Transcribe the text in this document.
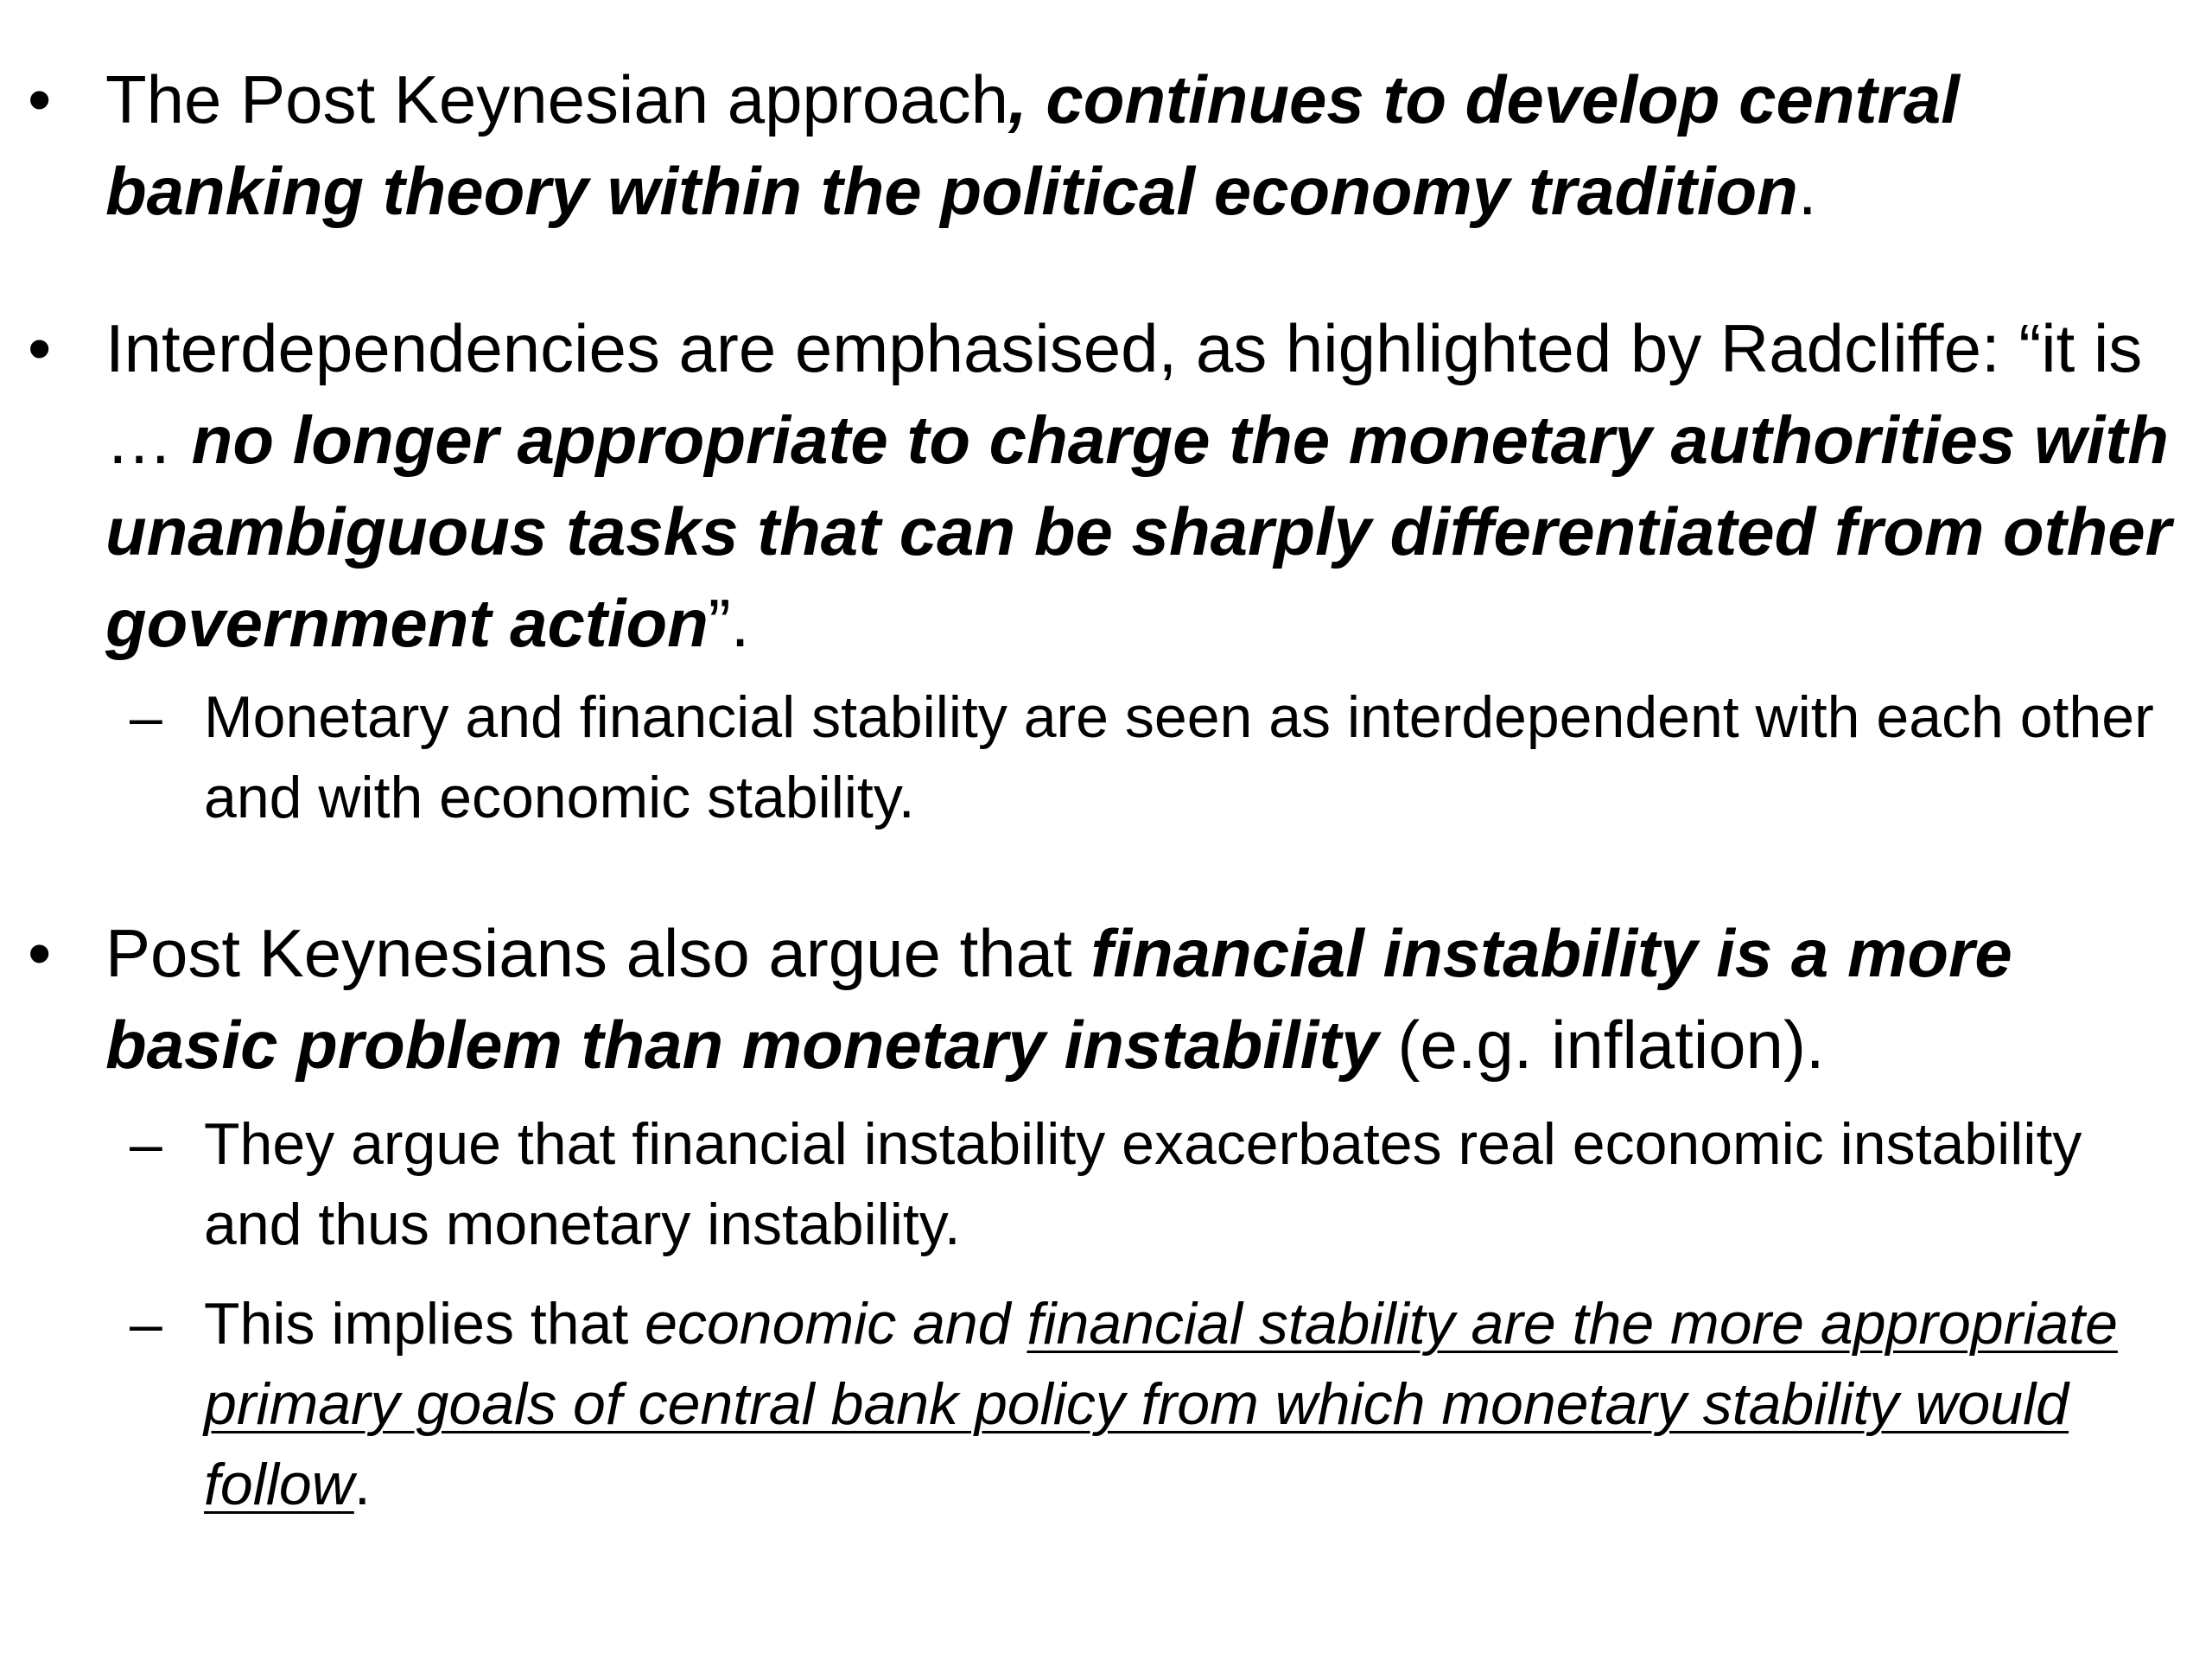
• The Post Keynesian approach, continues to develop central banking theory within the political economy tradition.
• Interdependencies are emphasised, as highlighted by Radcliffe: “it is … no longer appropriate to charge the monetary authorities with unambiguous tasks that can be sharply differentiated from other government action”.
– Monetary and financial stability are seen as interdependent with each other and with economic stability.
• Post Keynesians also argue that financial instability is a more basic problem than monetary instability (e.g. inflation).
– They argue that financial instability exacerbates real economic instability and thus monetary instability.
– This implies that economic and financial stability are the more appropriate primary goals of central bank policy from which monetary stability would follow.
